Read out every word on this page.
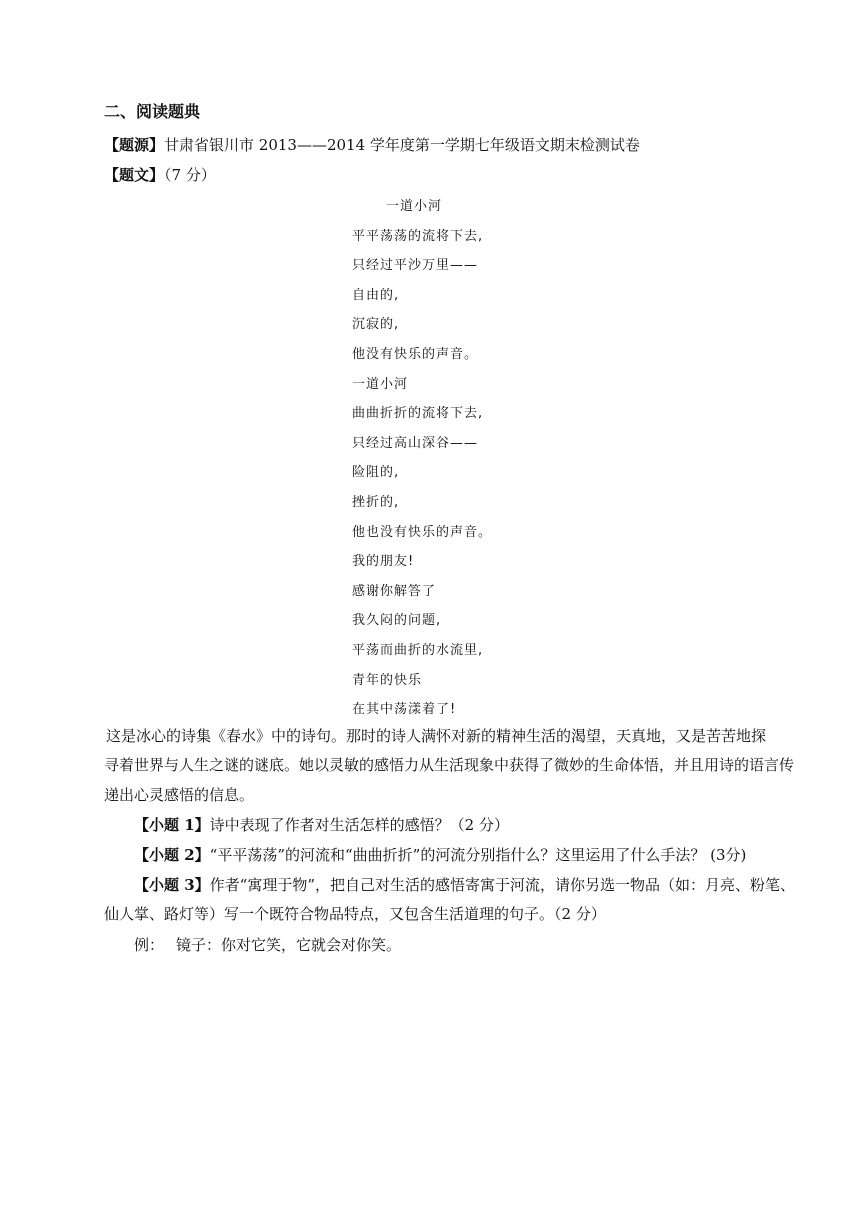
二、阅读题典
【题源】甘肃省银川市 2013——2014 学年度第一学期七年级语文期末检测试卷
【题文】（7 分）
一道小河
平平荡荡的流将下去,
只经过平沙万里——
自由的,
沉寂的,
他没有快乐的声音。
一道小河
曲曲折折的流将下去,
只经过高山深谷——
险阻的,
挫折的,
他也没有快乐的声音。
我的朋友!
感谢你解答了
我久闷的问题,
平荡而曲折的水流里,
青年的快乐
在其中荡漾着了!
这是冰心的诗集《春水》中的诗句。那时的诗人满怀对新的精神生活的渴望，天真地，又是苦苦地探
寻着世界与人生之谜的谜底。她以灵敏的感悟力从生活现象中获得了微妙的生命体悟，并且用诗的语言传
递出心灵感悟的信息。
【小题 1】诗中表现了作者对生活怎样的感悟？（2 分）
【小题 2】“平平荡荡”的河流和“曲曲折折”的河流分别指什么？这里运用了什么手法？ (3分)
【小题 3】作者“寓理于物”，把自己对生活的感悟寄寓于河流，请你另选一物品（如：月亮、粉笔、
仙人掌、路灯等）写一个既符合物品特点，又包含生活道理的句子。（2 分）
例： 镜子：你对它笑，它就会对你笑。
